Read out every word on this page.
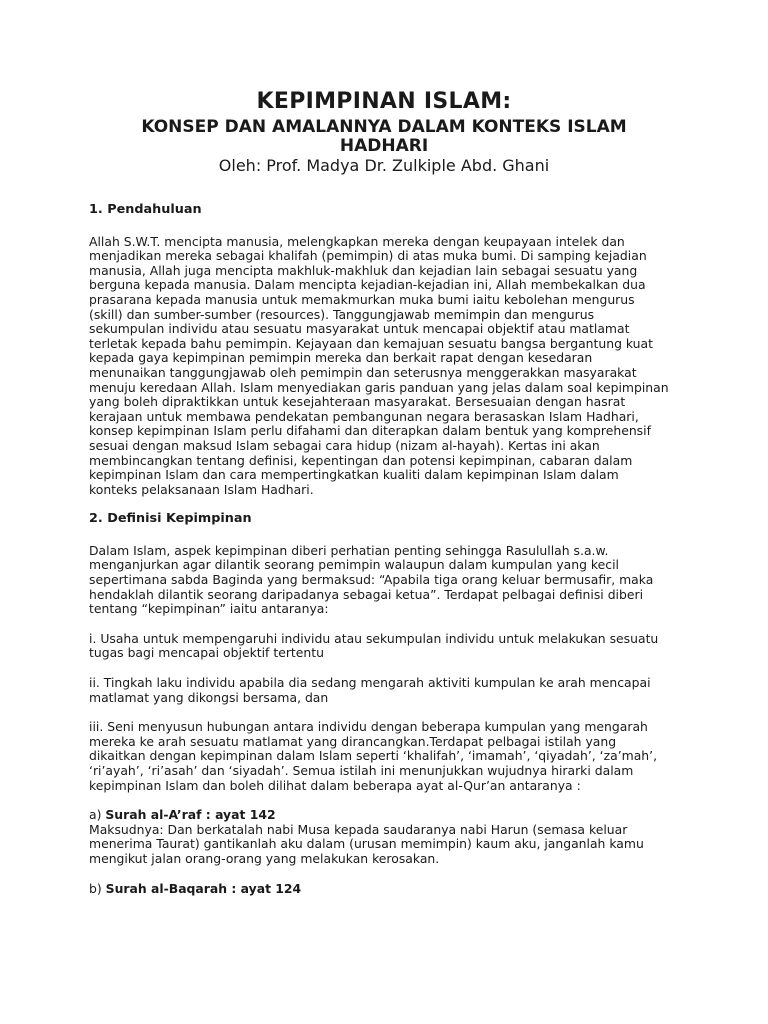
KEPIMPINAN ISLAM:
KONSEP DAN AMALANNYA DALAM KONTEKS ISLAM
HADHARI
Oleh: Prof. Madya Dr. Zulkiple Abd. Ghani

1. Pendahuluan

Allah S.W.T. mencipta manusia, melengkapkan mereka dengan keupayaan intelek dan

menjadikan mereka sebagai khalifah (pemimpin) di atas muka bumi. Di samping kejadian

manusia, Allah juga mencipta makhluk-makhluk dan kejadian lain sebagai sesuatu yang

berguna kepada manusia. Dalam mencipta kejadian-kejadian ini, Allah membekalkan dua

prasarana kepada manusia untuk memakmurkan muka bumi iaitu kebolehan mengurus

(skill) dan sumber-sumber (resources). Tanggungjawab memimpin dan mengurus

sekumpulan individu atau sesuatu masyarakat untuk mencapai objektif atau matlamat

terletak kepada bahu pemimpin. Kejayaan dan kemajuan sesuatu bangsa bergantung kuat

kepada gaya kepimpinan pemimpin mereka dan berkait rapat dengan kesedaran

menunaikan tanggungjawab oleh pemimpin dan seterusnya menggerakkan masyarakat

menuju keredaan Allah. Islam menyediakan garis panduan yang jelas dalam soal kepimpinan

yang boleh dipraktikkan untuk kesejahteraan masyarakat. Bersesuaian dengan hasrat

kerajaan untuk membawa pendekatan pembangunan negara berasaskan Islam Hadhari,

konsep kepimpinan Islam perlu difahami dan diterapkan dalam bentuk yang komprehensif

sesuai dengan maksud Islam sebagai cara hidup (nizam al-hayah). Kertas ini akan

membincangkan tentang definisi, kepentingan dan potensi kepimpinan, cabaran dalam

kepimpinan Islam dan cara mempertingkatkan kualiti dalam kepimpinan Islam dalam

konteks pelaksanaan Islam Hadhari.

2. Definisi Kepimpinan

Dalam Islam, aspek kepimpinan diberi perhatian penting sehingga Rasulullah s.a.w.

menganjurkan agar dilantik seorang pemimpin walaupun dalam kumpulan yang kecil

sepertimana sabda Baginda yang bermaksud: “Apabila tiga orang keluar bermusafir, maka

hendaklah dilantik seorang daripadanya sebagai ketua”. Terdapat pelbagai definisi diberi

tentang “kepimpinan” iaitu antaranya:

i. Usaha untuk mempengaruhi individu atau sekumpulan individu untuk melakukan sesuatu

tugas bagi mencapai objektif tertentu

ii. Tingkah laku individu apabila dia sedang mengarah aktiviti kumpulan ke arah mencapai

matlamat yang dikongsi bersama, dan

iii. Seni menyusun hubungan antara individu dengan beberapa kumpulan yang mengarah

mereka ke arah sesuatu matlamat yang dirancangkan.Terdapat pelbagai istilah yang

dikaitkan dengan kepimpinan dalam Islam seperti ‘khalifah’, ‘imamah’, ‘qiyadah’, ‘za’mah’,

‘ri’ayah’, ‘ri’asah’ dan ‘siyadah’. Semua istilah ini menunjukkan wujudnya hirarki dalam

kepimpinan Islam dan boleh dilihat dalam beberapa ayat al-Qur’an antaranya :

a) Surah al-A’raf : ayat 142

Maksudnya: Dan berkatalah nabi Musa kepada saudaranya nabi Harun (semasa keluar

menerima Taurat) gantikanlah aku dalam (urusan memimpin) kaum aku, janganlah kamu

mengikut jalan orang-orang yang melakukan kerosakan.

b) Surah al-Baqarah : ayat 124
